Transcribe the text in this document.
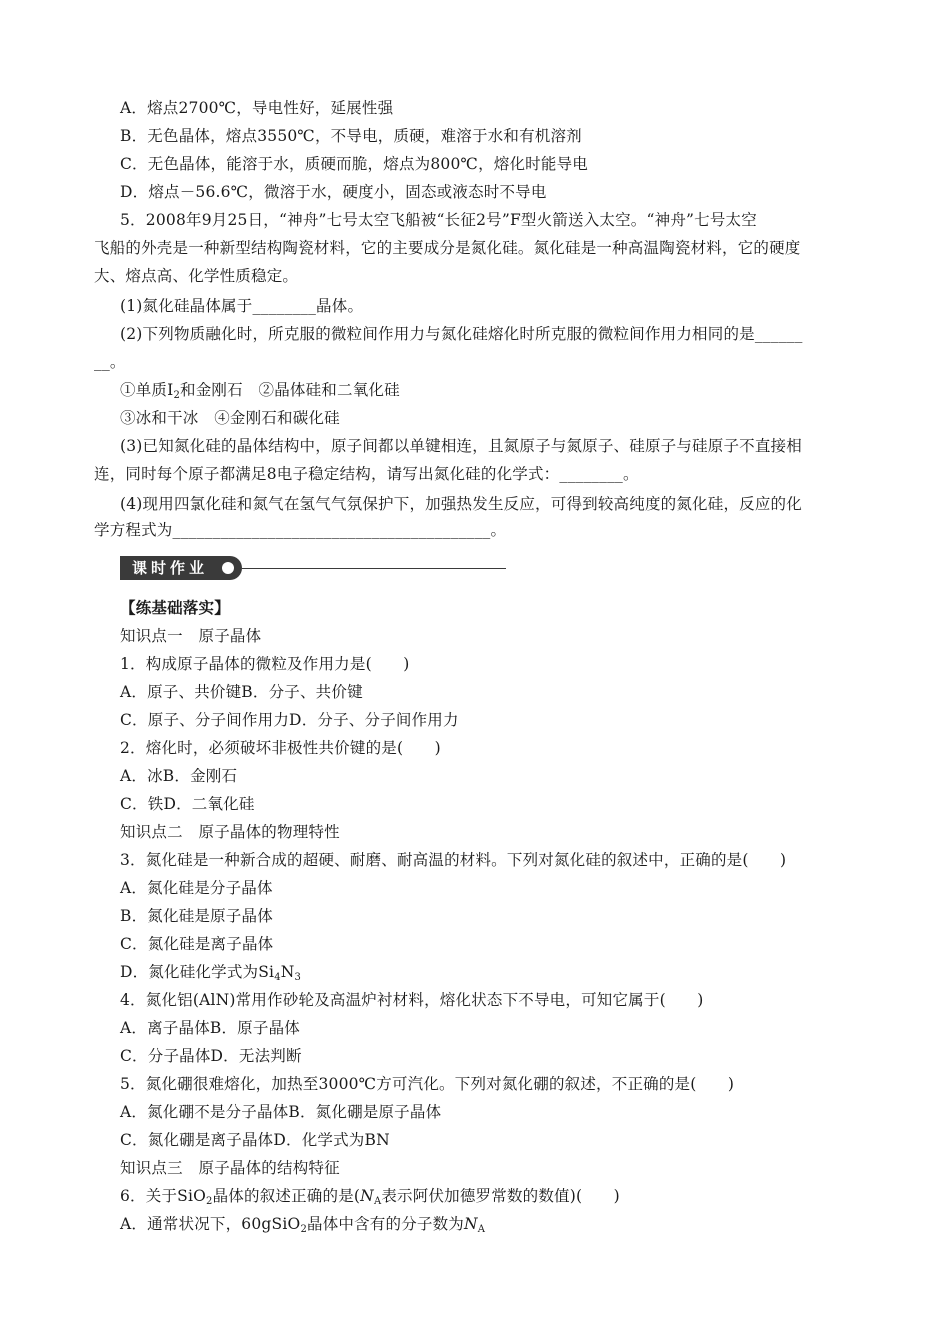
A．熔点2700℃，导电性好，延展性强
B．无色晶体，熔点3550℃，不导电，质硬，难溶于水和有机溶剂
C．无色晶体，能溶于水，质硬而脆，熔点为800℃，熔化时能导电
D．熔点－56.6℃，微溶于水，硬度小，固态或液态时不导电
5．2008年9月25日，“神舟”七号太空飞船被“长征2号”F型火箭送入太空。“神舟”七号太空
飞船的外壳是一种新型结构陶瓷材料，它的主要成分是氮化硅。氮化硅是一种高温陶瓷材料，它的硬度
大、熔点高、化学性质稳定。
(1)氮化硅晶体属于________晶体。
(2)下列物质融化时，所克服的微粒间作用力与氮化硅熔化时所克服的微粒间作用力相同的是______
__。
①单质$I_2$和金刚石　②晶体硅和二氧化硅
③冰和干冰　④金刚石和碳化硅
(3)已知氮化硅的晶体结构中，原子间都以单键相连，且氮原子与氮原子、硅原子与硅原子不直接相
连，同时每个原子都满足8电子稳定结构，请写出氮化硅的化学式：________。
(4)现用四氯化硅和氮气在氢气气氛保护下，加强热发生反应，可得到较高纯度的氮化硅，反应的化
学方程式为________________________________________。
课时作业
【练基础落实】
知识点一　原子晶体
1．构成原子晶体的微粒及作用力是(　　)
A．原子、共价键B．分子、共价键
C．原子、分子间作用力D．分子、分子间作用力
2．熔化时，必须破坏非极性共价键的是(　　)
A．冰B．金刚石
C．铁D．二氧化硅
知识点二　原子晶体的物理特性
3．氮化硅是一种新合成的超硬、耐磨、耐高温的材料。下列对氮化硅的叙述中，正确的是(　　)
A．氮化硅是分子晶体
B．氮化硅是原子晶体
C．氮化硅是离子晶体
D．氮化硅化学式为$Si_4N_3$
4．氮化铝(AlN)常用作砂轮及高温炉衬材料，熔化状态下不导电，可知它属于(　　)
A．离子晶体B．原子晶体
C．分子晶体D．无法判断
5．氮化硼很难熔化，加热至3000℃方可汽化。下列对氮化硼的叙述，不正确的是(　　)
A．氮化硼不是分子晶体B．氮化硼是原子晶体
C．氮化硼是离子晶体D．化学式为BN
知识点三　原子晶体的结构特征
6．关于SiO$_2$晶体的叙述正确的是($N_A$表示阿伏加德罗常数的数值)(　　)
A．通常状况下，60gSiO$_2$晶体中含有的分子数为$N_A$
